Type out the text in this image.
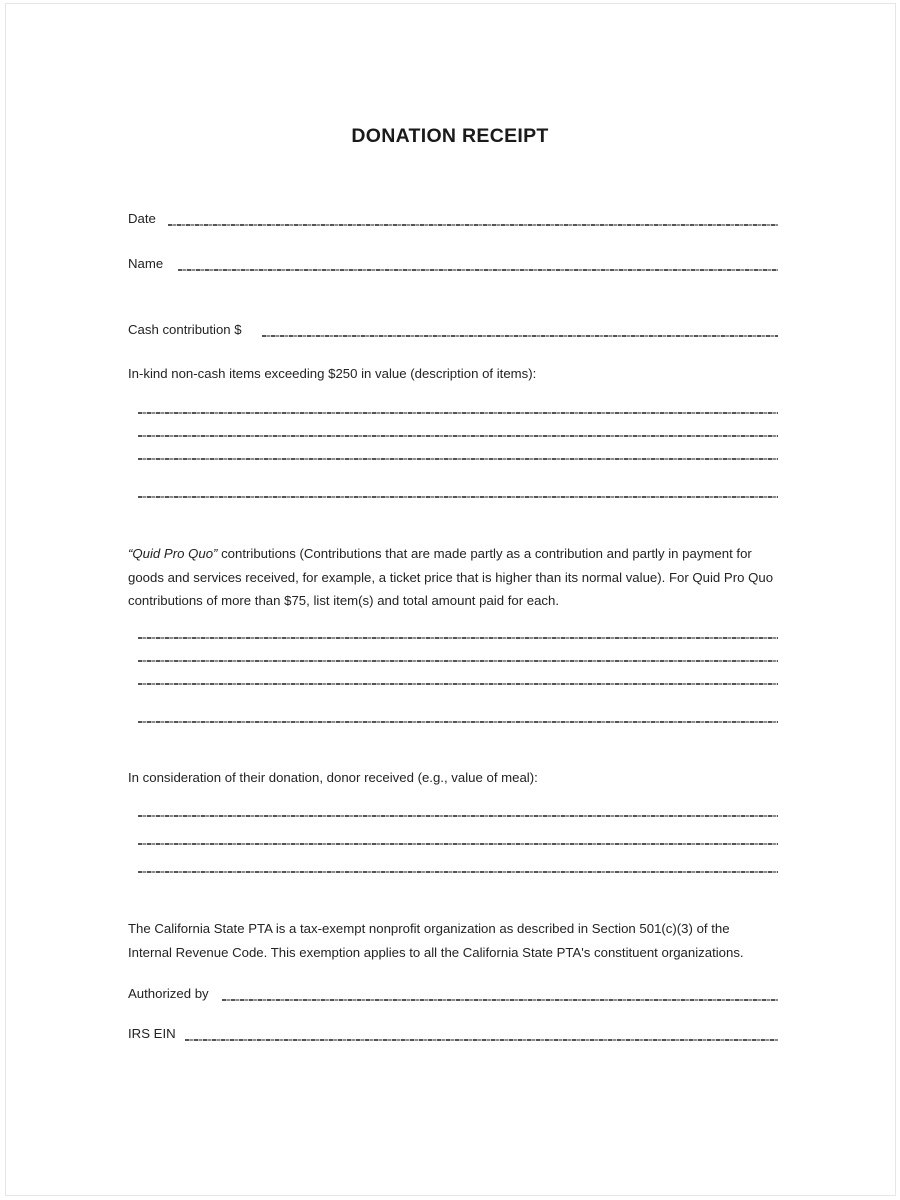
DONATION RECEIPT
Date
Name
Cash contribution $
In-kind non-cash items exceeding $250 in value (description of items):
“Quid Pro Quo” contributions (Contributions that are made partly as a contribution and partly in payment for goods and services received, for example, a ticket price that is higher than its normal value). For Quid Pro Quo contributions of more than $75, list item(s) and total amount paid for each.
In consideration of their donation, donor received (e.g., value of meal):
The California State PTA is a tax-exempt nonprofit organization as described in Section 501(c)(3) of the Internal Revenue Code. This exemption applies to all the California State PTA's constituent organizations.
Authorized by
IRS EIN
